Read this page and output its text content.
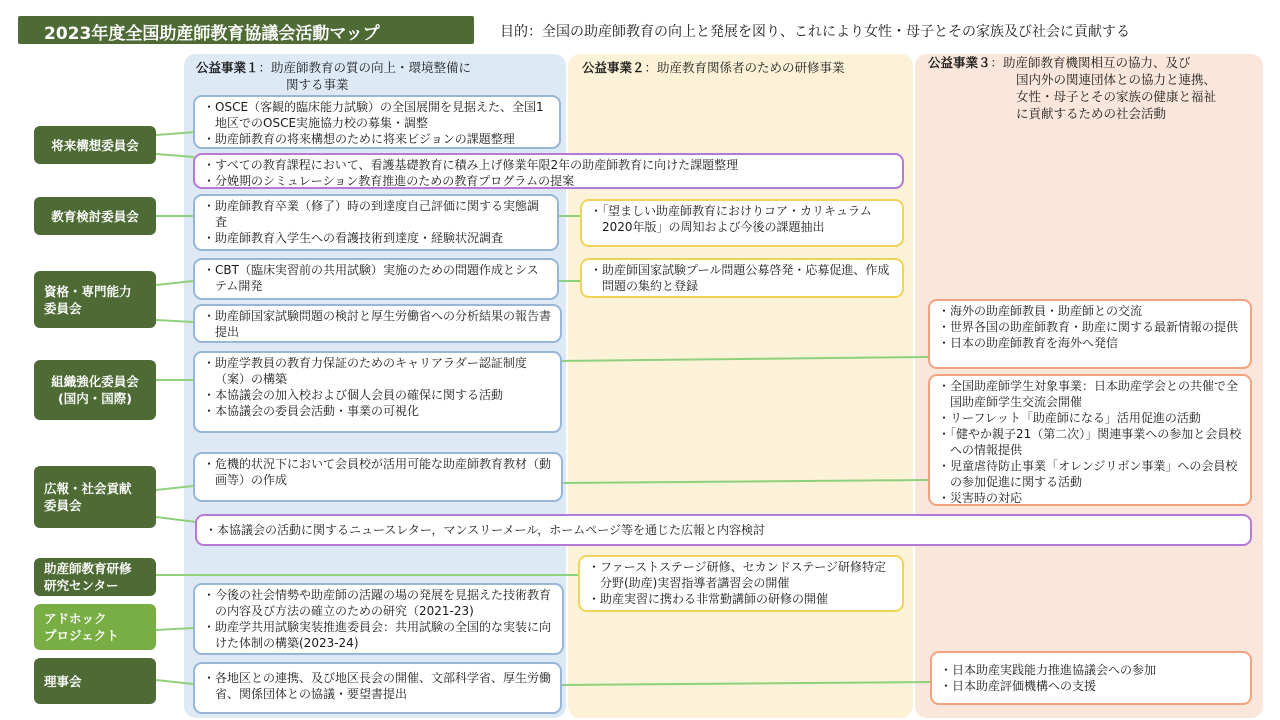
2023年度全国助産師教育協議会活動マップ	目的：全国の助産師教育の向上と発展を図り、これにより女性・母子とその家族及び社会に貢献する
公益事業１：助産師教育の質の向上・環境整備に
関する事業
公益事業２：助産教育関係者のための研修事業	公益事業３：助産師教育機関相互の協力、及び
国内外の関連団体との協力と連携、
女性・母子とその家族の健康と福祉
に貢献するための社会活動
将来構想委員会
教育検討委員会
資格・専門能力
委員会
組織強化委員会
(国内・国際)
広報・社会貢献
委員会
助産師教育研修
研究センター
アドホック
プロジェクト
理事会

・ OSCE（客観的臨床能力試験）の全国展開を見据えた、全国1地区でのOSCE実施協力校の募集・調整

・ 助産師教育の将来構想のために将来ビジョンの課題整理

・ すべての教育課程において、看護基礎教育に積み上げ修業年限2年の助産師教育に向けた課題整理

・ 分娩期のシミュレーション教育推進のための教育プログラムの提案

・ 助産師教育卒業（修了）時の到達度自己評価に関する実態調査

・ 助産師教育入学生への看護技術到達度・経験状況調査

・ 「望ましい助産師教育におけりコア・カリキュラム2020年版」の周知および今後の課題抽出

・ CBT（臨床実習前の共用試験）実施のための問題作成とシステム開発

・ 助産師国家試験プール問題公募啓発・応募促進、作成問題の集約と登録

・ 助産師国家試験問題の検討と厚生労働省への分析結果の報告書提出

・ 海外の助産師教員・助産師との交流

・ 世界各国の助産師教育・助産に関する最新情報の提供

・ 日本の助産師教育を海外へ発信

・ 助産学教員の教育力保証のためのキャリアラダー認証制度（案）の構築

・ 本協議会の加入校および個人会員の確保に関する活動

・ 本協議会の委員会活動・事業の可視化

・ 全国助産師学生対象事業：日本助産学会との共催で全国助産師学生交流会開催

・ リーフレット「助産師になる」活用促進の活動

・ 「健やか親子21（第二次）」関連事業への参加と会員校への情報提供

・ 児童虐待防止事業「オレンジリボン事業」への会員校の参加促進に関する活動

・ 災害時の対応

・ 危機的状況下において会員校が活用可能な助産師教育教材（動画等）の作成

・ 本協議会の活動に関するニュースレター，マンスリーメール，ホームページ等を通じた広報と内容検討

・ ファーストステージ研修、セカンドステージ研修特定分野(助産)実習指導者講習会の開催

・ 助産実習に携わる非常勤講師の研修の開催

・ 今後の社会情勢や助産師の活躍の場の発展を見据えた技術教育の内容及び方法の確立のための研究（2021-23)

・ 助産学共用試験実装推進委員会：共用試験の全国的な実装に向けた体制の構築(2023-24)

・ 各地区との連携、及び地区長会の開催、文部科学省、厚生労働省、関係団体との協議・要望書提出

・ 日本助産実践能力推進協議会への参加

・ 日本助産評価機構への支援
